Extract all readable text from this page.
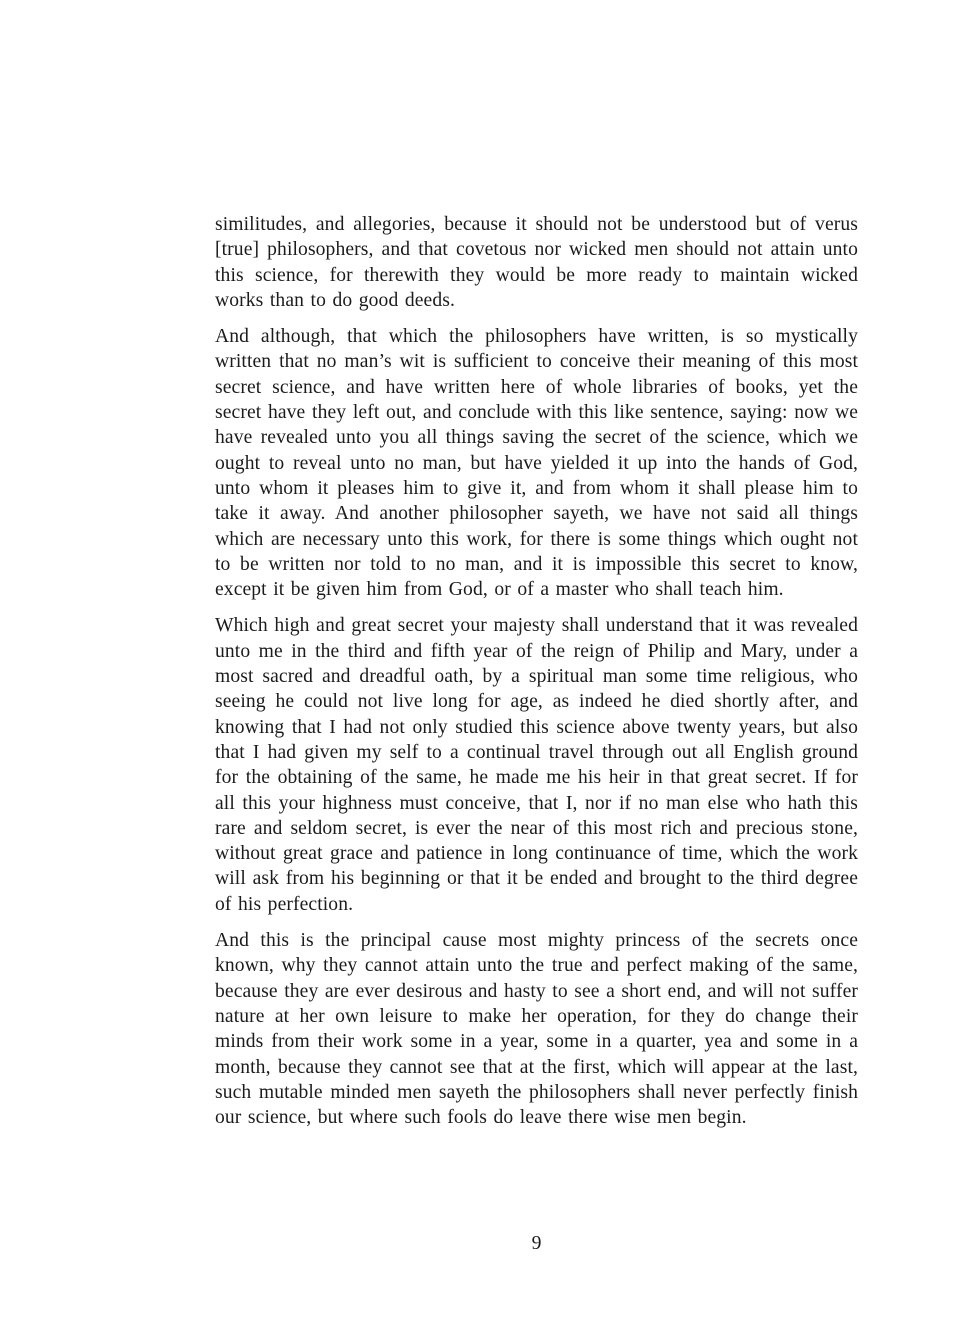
similitudes, and allegories, because it should not be understood but of verus [true] philosophers, and that covetous nor wicked men should not attain unto this science, for therewith they would be more ready to maintain wicked works than to do good deeds.

And although, that which the philosophers have written, is so mystically written that no man’s wit is sufficient to conceive their meaning of this most secret science, and have written here of whole libraries of books, yet the secret have they left out, and conclude with this like sentence, saying: now we have revealed unto you all things saving the secret of the science, which we ought to reveal unto no man, but have yielded it up into the hands of God, unto whom it pleases him to give it, and from whom it shall please him to take it away. And another philosopher sayeth, we have not said all things which are necessary unto this work, for there is some things which ought not to be written nor told to no man, and it is impossible this secret to know, except it be given him from God, or of a master who shall teach him.

Which high and great secret your majesty shall understand that it was revealed unto me in the third and fifth year of the reign of Philip and Mary, under a most sacred and dreadful oath, by a spiritual man some time religious, who seeing he could not live long for age, as indeed he died shortly after, and knowing that I had not only studied this science above twenty years, but also that I had given my self to a continual travel through out all English ground for the obtaining of the same, he made me his heir in that great secret. If for all this your highness must conceive, that I, nor if no man else who hath this rare and seldom secret, is ever the near of this most rich and precious stone, without great grace and patience in long continuance of time, which the work will ask from his beginning or that it be ended and brought to the third degree of his perfection.

And this is the principal cause most mighty princess of the secrets once known, why they cannot attain unto the true and perfect making of the same, because they are ever desirous and hasty to see a short end, and will not suffer nature at her own leisure to make her operation, for they do change their minds from their work some in a year, some in a quarter, yea and some in a month, because they cannot see that at the first, which will appear at the last, such mutable minded men sayeth the philosophers shall never perfectly finish our science, but where such fools do leave there wise men begin.

9
